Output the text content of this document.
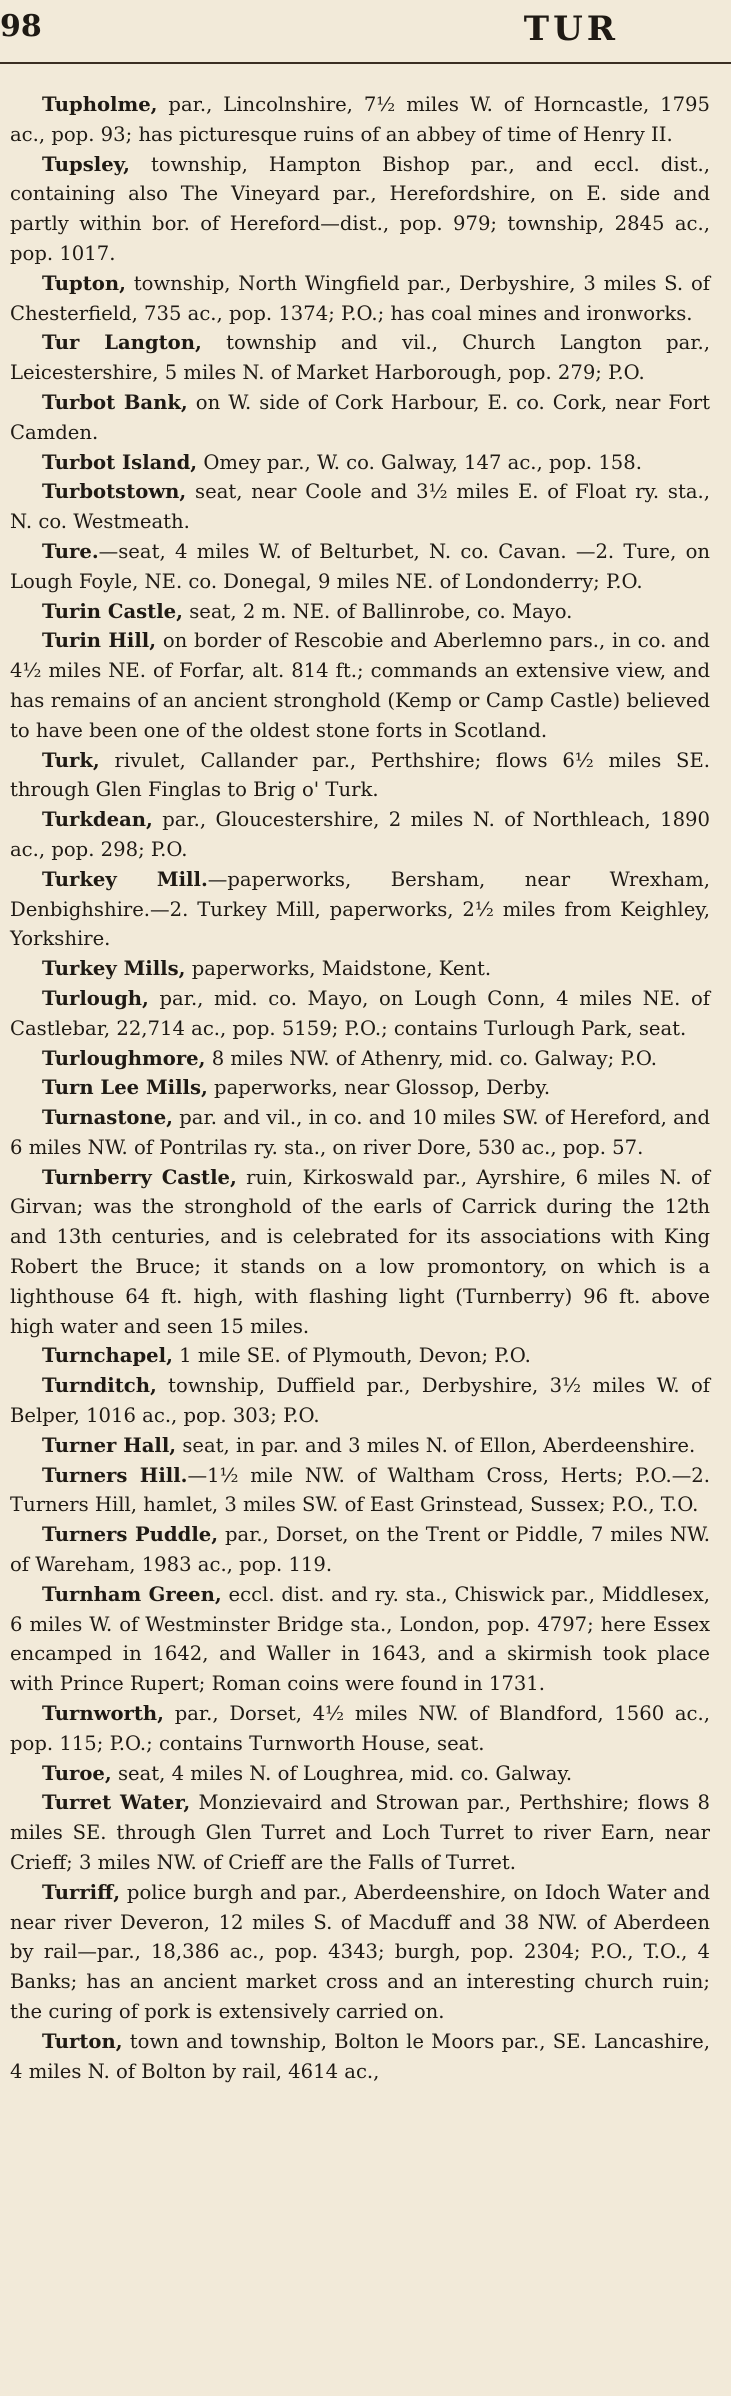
98	TUR

Tupholme, par., Lincolnshire, 7½ miles W. of Horncastle, 1795 ac., pop. 93; has picturesque ruins of an abbey of time of Henry II.

Tupsley, township, Hampton Bishop par., and eccl. dist., containing also The Vineyard par., Herefordshire, on E. side and partly within bor. of Hereford—dist., pop. 979; township, 2845 ac., pop. 1017.

Tupton, township, North Wingfield par., Derbyshire, 3 miles S. of Chesterfield, 735 ac., pop. 1374; P.O.; has coal mines and ironworks.

Tur Langton, township and vil., Church Langton par., Leicestershire, 5 miles N. of Market Harborough, pop. 279; P.O.

Turbot Bank, on W. side of Cork Harbour, E. co. Cork, near Fort Camden.

Turbot Island, Omey par., W. co. Galway, 147 ac., pop. 158.

Turbotstown, seat, near Coole and 3½ miles E. of Float ry. sta., N. co. Westmeath.

Ture.—seat, 4 miles W. of Belturbet, N. co. Cavan. —2. Ture, on Lough Foyle, NE. co. Donegal, 9 miles NE. of Londonderry; P.O.

Turin Castle, seat, 2 m. NE. of Ballinrobe, co. Mayo.

Turin Hill, on border of Rescobie and Aberlemno pars., in co. and 4½ miles NE. of Forfar, alt. 814 ft.; commands an extensive view, and has remains of an ancient stronghold (Kemp or Camp Castle) believed to have been one of the oldest stone forts in Scotland.

Turk, rivulet, Callander par., Perthshire; flows 6½ miles SE. through Glen Finglas to Brig o' Turk.

Turkdean, par., Gloucestershire, 2 miles N. of Northleach, 1890 ac., pop. 298; P.O.

Turkey Mill.—paperworks, Bersham, near Wrexham, Denbighshire.—2. Turkey Mill, paperworks, 2½ miles from Keighley, Yorkshire.

Turkey Mills, paperworks, Maidstone, Kent.

Turlough, par., mid. co. Mayo, on Lough Conn, 4 miles NE. of Castlebar, 22,714 ac., pop. 5159; P.O.; contains Turlough Park, seat.

Turloughmore, 8 miles NW. of Athenry, mid. co. Galway; P.O.

Turn Lee Mills, paperworks, near Glossop, Derby.

Turnastone, par. and vil., in co. and 10 miles SW. of Hereford, and 6 miles NW. of Pontrilas ry. sta., on river Dore, 530 ac., pop. 57.

Turnberry Castle, ruin, Kirkoswald par., Ayrshire, 6 miles N. of Girvan; was the stronghold of the earls of Carrick during the 12th and 13th centuries, and is celebrated for its associations with King Robert the Bruce; it stands on a low promontory, on which is a lighthouse 64 ft. high, with flashing light (Turnberry) 96 ft. above high water and seen 15 miles.

Turnchapel, 1 mile SE. of Plymouth, Devon; P.O.

Turnditch, township, Duffield par., Derbyshire, 3½ miles W. of Belper, 1016 ac., pop. 303; P.O.

Turner Hall, seat, in par. and 3 miles N. of Ellon, Aberdeenshire.

Turners Hill.—1½ mile NW. of Waltham Cross, Herts; P.O.—2. Turners Hill, hamlet, 3 miles SW. of East Grinstead, Sussex; P.O., T.O.

Turners Puddle, par., Dorset, on the Trent or Piddle, 7 miles NW. of Wareham, 1983 ac., pop. 119.

Turnham Green, eccl. dist. and ry. sta., Chiswick par., Middlesex, 6 miles W. of Westminster Bridge sta., London, pop. 4797; here Essex encamped in 1642, and Waller in 1643, and a skirmish took place with Prince Rupert; Roman coins were found in 1731.

Turnworth, par., Dorset, 4½ miles NW. of Blandford, 1560 ac., pop. 115; P.O.; contains Turnworth House, seat.

Turoe, seat, 4 miles N. of Loughrea, mid. co. Galway.

Turret Water, Monzievaird and Strowan par., Perthshire; flows 8 miles SE. through Glen Turret and Loch Turret to river Earn, near Crieff; 3 miles NW. of Crieff are the Falls of Turret.

Turriff, police burgh and par., Aberdeenshire, on Idoch Water and near river Deveron, 12 miles S. of Macduff and 38 NW. of Aberdeen by rail—par., 18,386 ac., pop. 4343; burgh, pop. 2304; P.O., T.O., 4 Banks; has an ancient market cross and an interesting church ruin; the curing of pork is extensively carried on.

Turton, town and township, Bolton le Moors par., SE. Lancashire, 4 miles N. of Bolton by rail, 4614 ac.,
